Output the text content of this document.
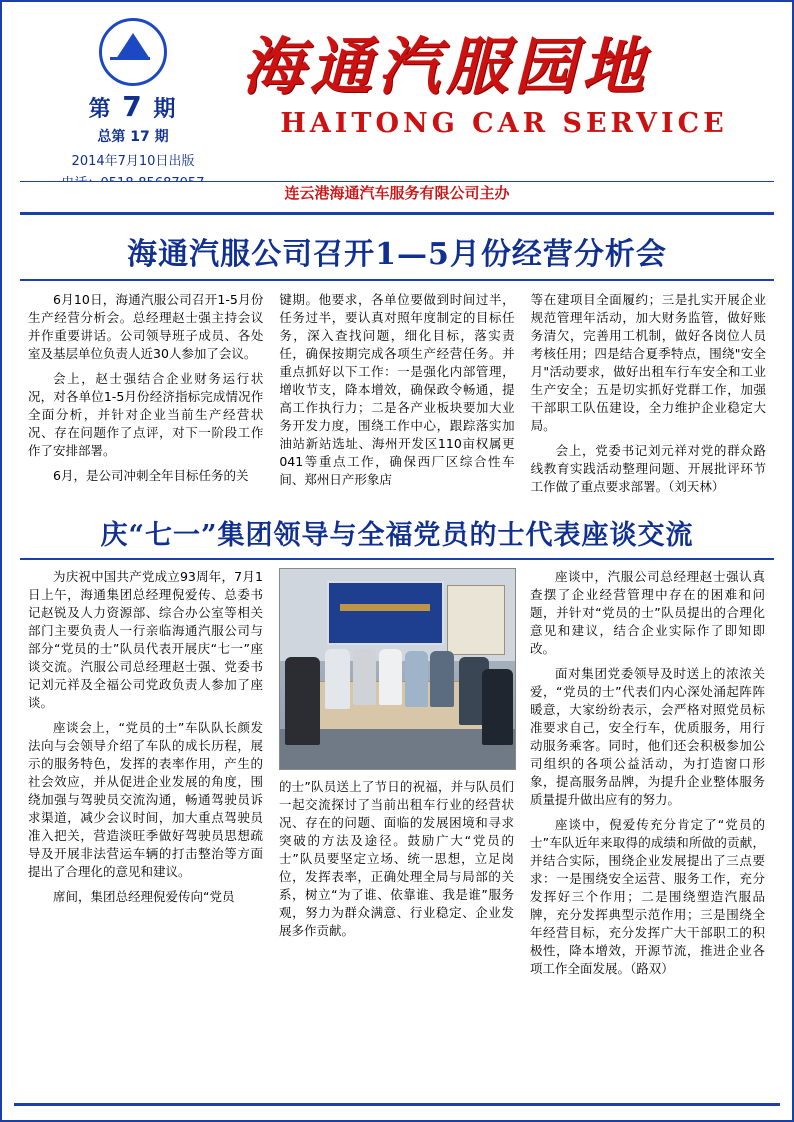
第 7 期
总第 17 期
2014年7月10日出版
海通汽服园地
HAITONG CAR SERVICE
连云港海通汽车服务有限公司主办
海通汽服公司召开1—5月份经营分析会

6月10日，海通汽服公司召开1-5月份生产经营分析会。总经理赵士强主持会议并作重要讲话。公司领导班子成员、各处室及基层单位负责人近30人参加了会议。

会上，赵士强结合企业财务运行状况，对各单位1-5月份经济指标完成情况作全面分析，并针对企业当前生产经营状况、存在问题作了点评，对下一阶段工作作了安排部署。

6月，是公司冲刺全年目标任务的关

键期。他要求，各单位要做到时间过半，任务过半，要认真对照年度制定的目标任务，深入查找问题，细化目标，落实责任，确保按期完成各项生产经营任务。并重点抓好以下工作：一是强化内部管理，增收节支，降本增效，确保政令畅通，提高工作执行力；二是各产业板块要加大业务开发力度，围绕工作中心，跟踪落实加油站新站选址、海州开发区110亩权属更041等重点工作，确保西厂区综合性车间、郑州日产形象店

等在建项目全面履约；三是扎实开展企业规范管理年活动，加大财务监管，做好账务清欠，完善用工机制，做好各岗位人员考核任用；四是结合夏季特点，围绕"安全月"活动要求，做好出租车行车安全和工业生产安全；五是切实抓好党群工作，加强干部职工队伍建设，全力维护企业稳定大局。

会上，党委书记刘元祥对党的群众路线教育实践活动整理问题、开展批评环节工作做了重点要求部署。（刘天林）

庆“七一”集团领导与全福党员的士代表座谈交流

为庆祝中国共产党成立93周年，7月1日上午，海通集团总经理倪爱传、总委书记赵锐及人力资源部、综合办公室等相关部门主要负责人一行亲临海通汽服公司与部分“党员的士”队员代表开展庆“七一”座谈交流。汽服公司总经理赵士强、党委书记刘元祥及全福公司党政负责人参加了座谈。

座谈会上，“党员的士”车队队长颜发法向与会领导介绍了车队的成长历程，展示的服务特色，发挥的表率作用，产生的社会效应，并从促进企业发展的角度，围绕加强与驾驶员交流沟通，畅通驾驶员诉求渠道，减少会议时间，加大重点驾驶员准入把关，营造淡旺季做好驾驶员思想疏导及开展非法营运车辆的打击整治等方面提出了合理化的意见和建议。

席间，集团总经理倪爱传向“党员

的士”队员送上了节日的祝福，并与队员们一起交流探讨了当前出租车行业的经营状况、存在的问题、面临的发展困境和寻求突破的方法及途径。鼓励广大“党员的士”队员要坚定立场、统一思想，立足岗位，发挥表率，正确处理全局与局部的关系，树立“为了谁、依靠谁、我是谁”服务观，努力为群众满意、行业稳定、企业发展多作贡献。

座谈中，汽服公司总经理赵士强认真查摆了企业经营管理中存在的困难和问题，并针对“党员的士”队员提出的合理化意见和建议，结合企业实际作了即知即改。

面对集团党委领导及时送上的浓浓关爱，“党员的士”代表们内心深处涌起阵阵暖意，大家纷纷表示，会严格对照党员标准要求自己，安全行车，优质服务，用行动服务乘客。同时，他们还会积极参加公司组织的各项公益活动，为打造窗口形象，提高服务品牌，为提升企业整体服务质量提升做出应有的努力。

座谈中，倪爱传充分肯定了“党员的士”车队近年来取得的成绩和所做的贡献，并结合实际，围绕企业发展提出了三点要求：一是围绕安全运营、服务工作，充分发挥好三个作用；二是围绕塑造汽服品牌，充分发挥典型示范作用；三是围绕全年经营目标，充分发挥广大干部职工的积极性，降本增效，开源节流，推进企业各项工作全面发展。（路双）
